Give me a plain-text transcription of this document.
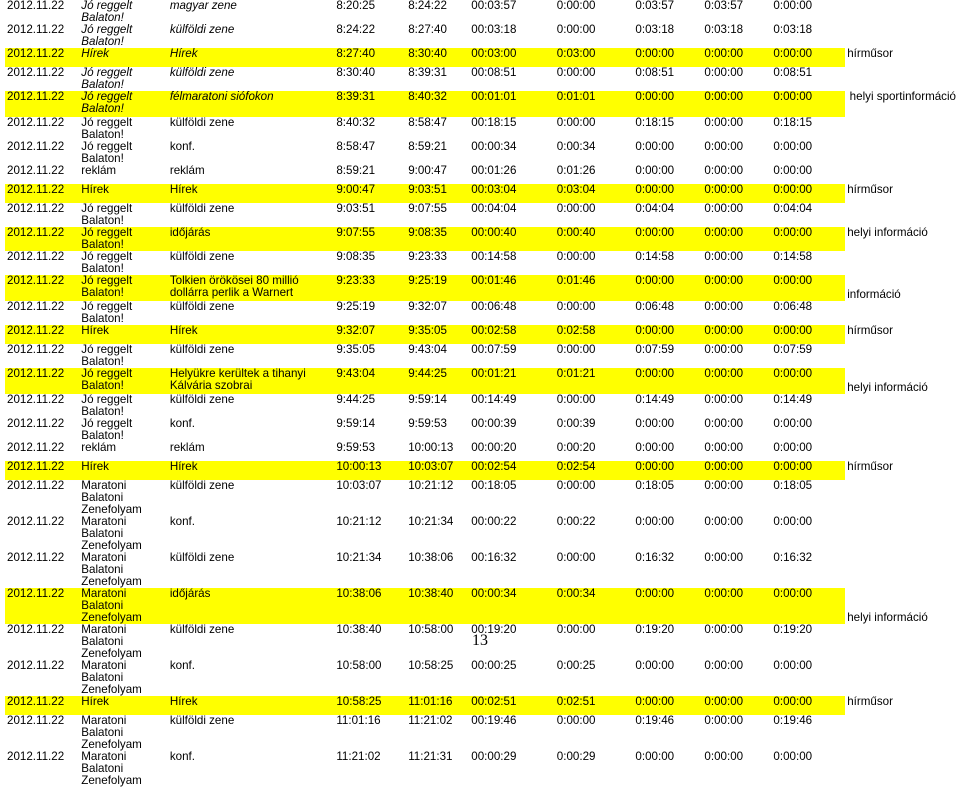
2012.11.22	Jó reggelt Balaton!	magyar zene	8:20:25	8:24:22	00:03:57	0:00:00	0:03:57	0:03:57	0:00:00	
2012.11.22	Jó reggelt Balaton!	külföldi zene	8:24:22	8:27:40	00:03:18	0:00:00	0:03:18	0:03:18	0:03:18	
2012.11.22	Hírek	Hírek	8:27:40	8:30:40	00:03:00	0:03:00	0:00:00	0:00:00	0:00:00	hírműsor
2012.11.22	Jó reggelt Balaton!	külföldi zene	8:30:40	8:39:31	00:08:51	0:00:00	0:08:51	0:00:00	0:08:51	
2012.11.22	Jó reggelt Balaton!	félmaratoni siófokon	8:39:31	8:40:32	00:01:01	0:01:01	0:00:00	0:00:00	0:00:00	helyi sportinformáció
2012.11.22	Jó reggelt Balaton!	külföldi zene	8:40:32	8:58:47	00:18:15	0:00:00	0:18:15	0:00:00	0:18:15	
2012.11.22	Jó reggelt Balaton!	konf.	8:58:47	8:59:21	00:00:34	0:00:34	0:00:00	0:00:00	0:00:00	
2012.11.22	reklám	reklám	8:59:21	9:00:47	00:01:26	0:01:26	0:00:00	0:00:00	0:00:00	
2012.11.22	Hírek	Hírek	9:00:47	9:03:51	00:03:04	0:03:04	0:00:00	0:00:00	0:00:00	hírműsor
2012.11.22	Jó reggelt Balaton!	külföldi zene	9:03:51	9:07:55	00:04:04	0:00:00	0:04:04	0:00:00	0:04:04	
2012.11.22	Jó reggelt Balaton!	időjárás	9:07:55	9:08:35	00:00:40	0:00:40	0:00:00	0:00:00	0:00:00	helyi információ
2012.11.22	Jó reggelt Balaton!	külföldi zene	9:08:35	9:23:33	00:14:58	0:00:00	0:14:58	0:00:00	0:14:58	
2012.11.22	Jó reggelt Balaton!	Tolkien örökösei 80 millió dollárra perlik a Warnert	9:23:33	9:25:19	00:01:46	0:01:46	0:00:00	0:00:00	0:00:00	információ
2012.11.22	Jó reggelt Balaton!	külföldi zene	9:25:19	9:32:07	00:06:48	0:00:00	0:06:48	0:00:00	0:06:48	
2012.11.22	Hírek	Hírek	9:32:07	9:35:05	00:02:58	0:02:58	0:00:00	0:00:00	0:00:00	hírműsor
2012.11.22	Jó reggelt Balaton!	külföldi zene	9:35:05	9:43:04	00:07:59	0:00:00	0:07:59	0:00:00	0:07:59	
2012.11.22	Jó reggelt Balaton!	Helyükre kerültek a tihanyi Kálvária szobrai	9:43:04	9:44:25	00:01:21	0:01:21	0:00:00	0:00:00	0:00:00	helyi információ
2012.11.22	Jó reggelt Balaton!	külföldi zene	9:44:25	9:59:14	00:14:49	0:00:00	0:14:49	0:00:00	0:14:49	
2012.11.22	Jó reggelt Balaton!	konf.	9:59:14	9:59:53	00:00:39	0:00:39	0:00:00	0:00:00	0:00:00	
2012.11.22	reklám	reklám	9:59:53	10:00:13	00:00:20	0:00:20	0:00:00	0:00:00	0:00:00	
2012.11.22	Hírek	Hírek	10:00:13	10:03:07	00:02:54	0:02:54	0:00:00	0:00:00	0:00:00	hírműsor
2012.11.22	Maratoni Balatoni Zenefolyam	külföldi zene	10:03:07	10:21:12	00:18:05	0:00:00	0:18:05	0:00:00	0:18:05	
2012.11.22	Maratoni Balatoni Zenefolyam	konf.	10:21:12	10:21:34	00:00:22	0:00:22	0:00:00	0:00:00	0:00:00	
2012.11.22	Maratoni Balatoni Zenefolyam	külföldi zene	10:21:34	10:38:06	00:16:32	0:00:00	0:16:32	0:00:00	0:16:32	
2012.11.22	Maratoni Balatoni Zenefolyam	időjárás	10:38:06	10:38:40	00:00:34	0:00:34	0:00:00	0:00:00	0:00:00	helyi információ
2012.11.22	Maratoni Balatoni Zenefolyam	külföldi zene	10:38:40	10:58:00	00:19:20	0:00:00	0:19:20	0:00:00	0:19:20	
2012.11.22	Maratoni Balatoni Zenefolyam	konf.	10:58:00	10:58:25	00:00:25	0:00:25	0:00:00	0:00:00	0:00:00	
2012.11.22	Hírek	Hírek	10:58:25	11:01:16	00:02:51	0:02:51	0:00:00	0:00:00	0:00:00	hírműsor
2012.11.22	Maratoni Balatoni Zenefolyam	külföldi zene	11:01:16	11:21:02	00:19:46	0:00:00	0:19:46	0:00:00	0:19:46	
2012.11.22	Maratoni Balatoni Zenefolyam	konf.	11:21:02	11:21:31	00:00:29	0:00:29	0:00:00	0:00:00	0:00:00	
13
